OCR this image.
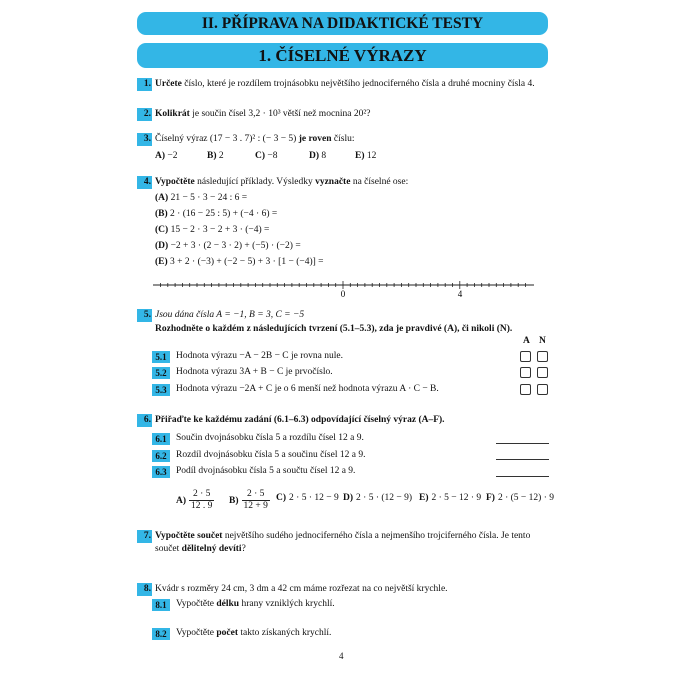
II. PŘÍPRAVA NA DIDAKTICKÉ TESTY
1. ČÍSELNÉ VÝRAZY
1. Určete číslo, které je rozdílem trojnásobku největšího jednociferného čísla a druhé mocniny čísla 4.
2. Kolikrát je součin čísel 3,2 · 10³ větší než mocnina 20²?
3. Číselný výraz (17 − 3 . 7)² : (− 3 − 5) je roven číslu:
A) −2	B) 2	C) −8	D) 8	E) 12
4. Vypočtěte následující příklady. Výsledky vyznačte na číselné ose:
(A) 21 − 5 · 3 − 24 : 6 =
(B) 2 · (16 − 25 : 5) + (−4 · 6) =
(C) 15 − 2 · 3 − 2 + 3 · (−4) =
(D) −2 + 3 · (2 − 3 · 2) + (−5) · (−2) =
(E) 3 + 2 · (−3) + (−2 − 5) + 3 · [1 − (−4)] =
0	4
5. Jsou dána čísla A = −1, B = 3, C = −5
Rozhodněte o každém z následujících tvrzení (5.1–5.3), zda je pravdivé (A), či nikoli (N).
A N
5.1 Hodnota výrazu −A − 2B − C je rovna nule.
5.2 Hodnota výrazu 3A + B − C je prvočíslo.
5.3 Hodnota výrazu −2A + C je o 6 menší než hodnota výrazu A · C − B.
6. Přiřaďte ke každému zadání (6.1–6.3) odpovídající číselný výraz (A–F).
6.1 Součin dvojnásobku čísla 5 a rozdílu čísel 12 a 9.
6.2 Rozdíl dvojnásobku čísla 5 a součinu čísel 12 a 9.
6.3 Podíl dvojnásobku čísla 5 a součtu čísel 12 a 9.
$A) \frac{2 \cdot 5}{12 . 9} B) \frac{2 \cdot 5}{12 + 9} C$) 2 · 5 · 12 − 9 D) 2 · 5 · (12 − 9) E) 2 · 5 − 12 · 9 F) 2 · (5 − 12) · 9
7. Vypočtěte součet největšího sudého jednociferného čísla a nejmenšího trojciferného čísla. Je tento
součet dělitelný devíti?
8. Kvádr s rozměry 24 cm, 3 dm a 42 cm máme rozřezat na co největší krychle.
8.1 Vypočtěte délku hrany vzniklých krychlí.
8.2 Vypočtěte počet takto získaných krychlí.
4
